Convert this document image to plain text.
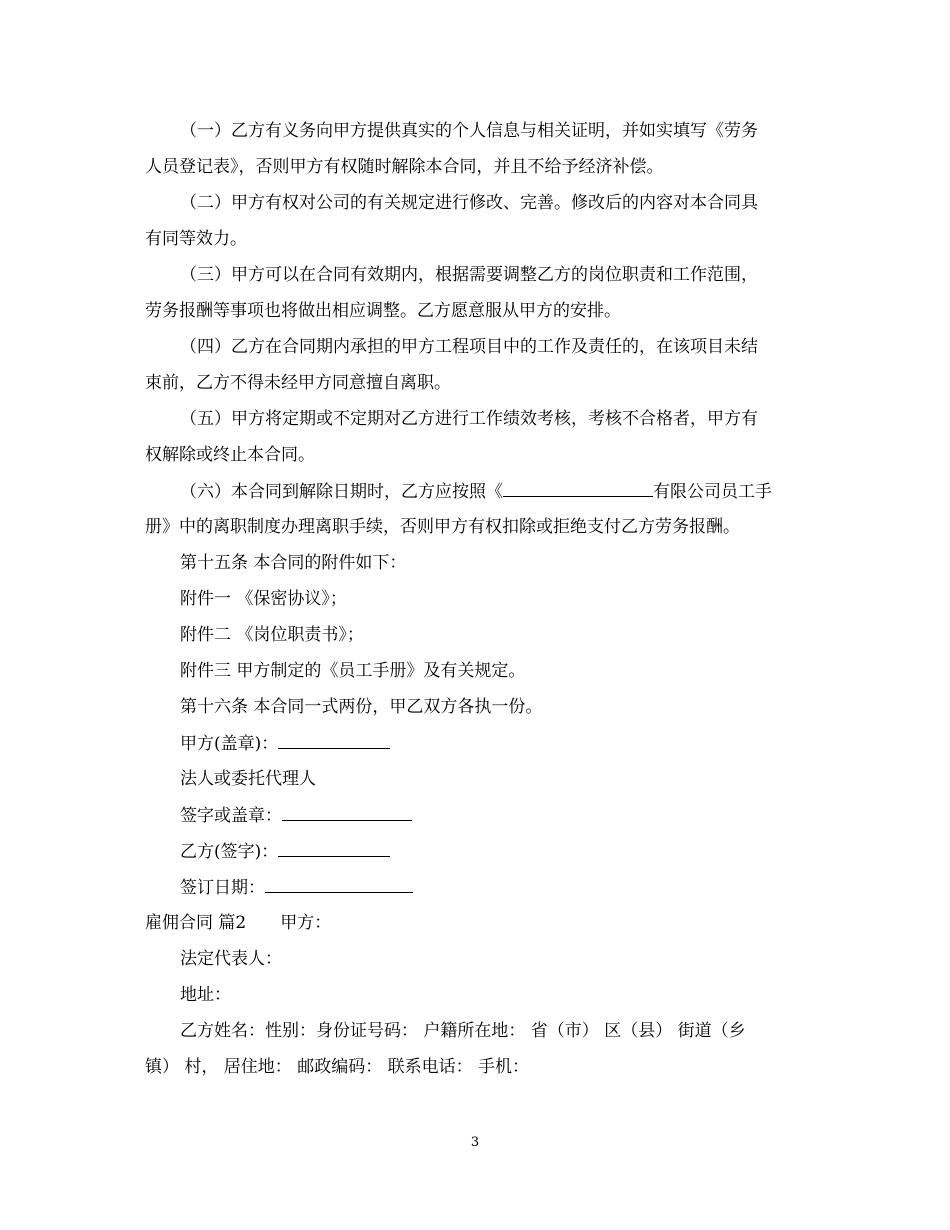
（一）乙方有义务向甲方提供真实的个人信息与相关证明，并如实填写《劳务
人员登记表》，否则甲方有权随时解除本合同，并且不给予经济补偿。
（二）甲方有权对公司的有关规定进行修改、完善。修改后的内容对本合同具
有同等效力。
（三）甲方可以在合同有效期内，根据需要调整乙方的岗位职责和工作范围，
劳务报酬等事项也将做出相应调整。乙方愿意服从甲方的安排。
（四）乙方在合同期内承担的甲方工程项目中的工作及责任的，在该项目未结
束前，乙方不得未经甲方同意擅自离职。
（五）甲方将定期或不定期对乙方进行工作绩效考核，考核不合格者，甲方有
权解除或终止本合同。
（六）本合同到解除日期时，乙方应按照《	有限公司员工手
册》中的离职制度办理离职手续，否则甲方有权扣除或拒绝支付乙方劳务报酬。
第十五条 本合同的附件如下：
附件一 《保密协议》；
附件二 《岗位职责书》；
附件三 甲方制定的《员工手册》及有关规定。
第十六条 本合同一式两份，甲乙双方各执一份。
甲方(盖章)：
法人或委托代理人
签字或盖章：
乙方(签字)：
签订日期：
雇佣合同 篇2　　甲方：
法定代表人：
地址：
乙方姓名：性别：身份证号码： 户籍所在地： 省（市） 区（县） 街道（乡
镇） 村， 居住地： 邮政编码： 联系电话： 手机：
3
